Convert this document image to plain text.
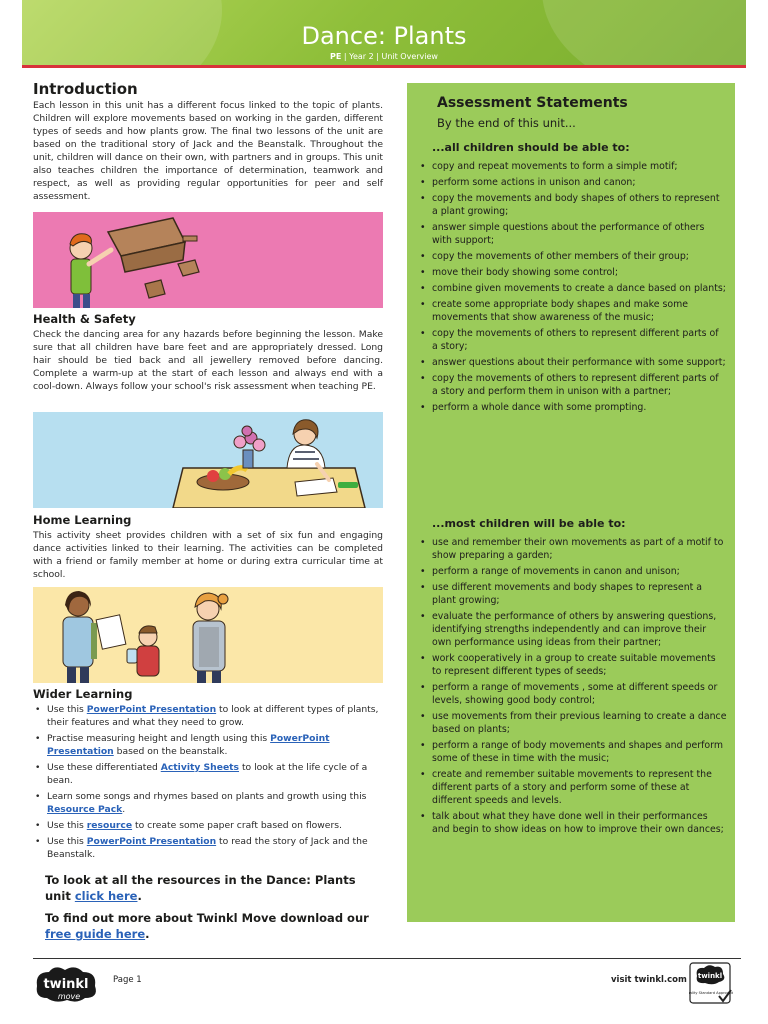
Dance: Plants
PE | Year 2 | Unit Overview
Introduction

Each lesson in this unit has a different focus linked to the topic of plants. Children will explore movements based on working in the garden, different types of seeds and how plants grow. The final two lessons of the unit are based on the traditional story of Jack and the Beanstalk. Throughout the unit, children will dance on their own, with partners and in groups. This unit also teaches children the importance of determination, teamwork and respect, as well as providing regular opportunities for peer and self assessment.

Health & Safety

Check the dancing area for any hazards before beginning the lesson. Make sure that all children have bare feet and are appropriately dressed. Long hair should be tied back and all jewellery removed before dancing. Complete a warm-up at the start of each lesson and always end with a cool-down. Always follow your school's risk assessment when teaching PE.

Home Learning

This activity sheet provides children with a set of six fun and engaging dance activities linked to their learning. The activities can be completed with a friend or family member at home or during extra curricular time at school.

Wider Learning
• Use this PowerPoint Presentation to look at different types of plants, their features and what they need to grow.
• Practise measuring height and length using this PowerPoint Presentation based on the beanstalk.
• Use these differentiated Activity Sheets to look at the life cycle of a bean.
• Learn some songs and rhymes based on plants and growth using this Resource Pack.
• Use this resource to create some paper craft based on flowers.
• Use this PowerPoint Presentation to read the story of Jack and the Beanstalk.

To look at all the resources in the Dance: Plants unit click here.

To find out more about Twinkl Move download our free guide here.

Assessment Statements
By the end of this unit...
...all children should be able to:
• copy and repeat movements to form a simple motif;
• perform some actions in unison and canon;
• copy the movements and body shapes of others to represent a plant growing;
• answer simple questions about the performance of others with support;
• copy the movements of other members of their group;
• move their body showing some control;
• combine given movements to create a dance based on plants;
• create some appropriate body shapes and make some movements that show awareness of the music;
• copy the movements of others to represent different parts of a story;
• answer questions about their performance with some support;
• copy the movements of others to represent different parts of a story and perform them in unison with a partner;
• perform a whole dance with some prompting.
...most children will be able to:
• use and remember their own movements as part of a motif to show preparing a garden;
• perform a range of movements in canon and unison;
• use different movements and body shapes to represent a plant growing;
• evaluate the performance of others by answering questions, identifying strengths independently and can improve their own performance using ideas from their partner;
• work cooperatively in a group to create suitable movements to represent different types of seeds;
• perform a range of movements , some at different speeds or levels, showing good body control;
• use movements from their previous learning to create a dance based on plants;
• perform a range of body movements and shapes and perform some of these in time with the music;
• create and remember suitable movements to represent the different parts of a story and perform some of these at different speeds and levels.
• talk about what they have done well in their performances and begin to show ideas on how to improve their own dances;
twinkl
move
Page 1	visit twinkl.com twinkl
Quality Standard Approved
